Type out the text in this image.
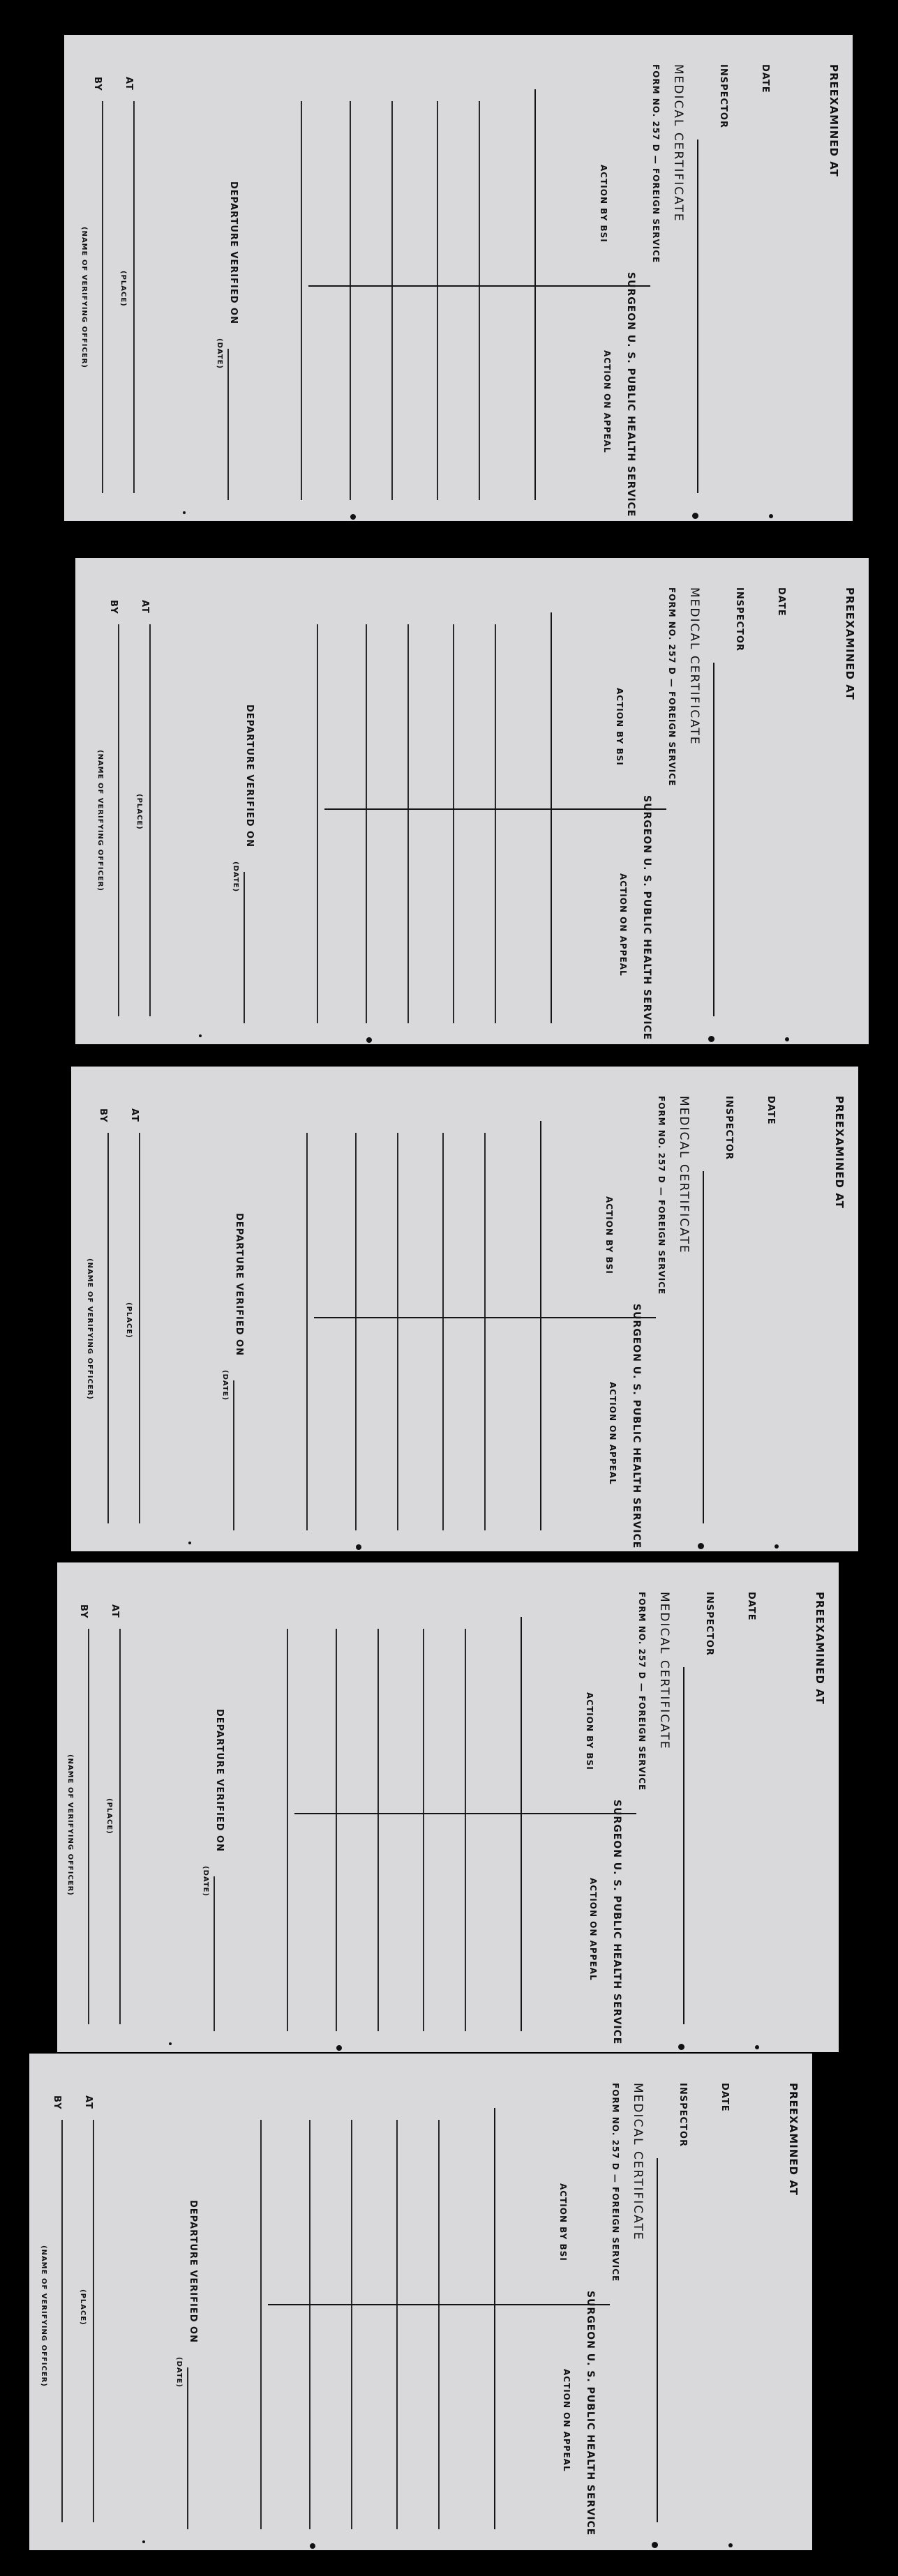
PREEXAMINED AT
DATE
INSPECTOR
MEDICAL CERTIFICATE
FORM NO. 257 D — FOREIGN SERVICE
ACTION BY BSI
SURGEON U. S. PUBLIC HEALTH SERVICE
ACTION ON APPEAL
DEPARTURE VERIFIED ON
(DATE)
AT
(PLACE)
BY
(NAME OF VERIFYING OFFICER)
PREEXAMINED AT
DATE
INSPECTOR
MEDICAL CERTIFICATE
FORM NO. 257 D — FOREIGN SERVICE
ACTION BY BSI
SURGEON U. S. PUBLIC HEALTH SERVICE
ACTION ON APPEAL
DEPARTURE VERIFIED ON
(DATE)
AT
(PLACE)
BY
(NAME OF VERIFYING OFFICER)
PREEXAMINED AT
DATE
INSPECTOR
MEDICAL CERTIFICATE
FORM NO. 257 D — FOREIGN SERVICE
ACTION BY BSI
SURGEON U. S. PUBLIC HEALTH SERVICE
ACTION ON APPEAL
DEPARTURE VERIFIED ON
(DATE)
AT
(PLACE)
BY
(NAME OF VERIFYING OFFICER)
PREEXAMINED AT
DATE
INSPECTOR
MEDICAL CERTIFICATE
FORM NO. 257 D — FOREIGN SERVICE
ACTION BY BSI
SURGEON U. S. PUBLIC HEALTH SERVICE
ACTION ON APPEAL
DEPARTURE VERIFIED ON
(DATE)
AT
(PLACE)
BY
(NAME OF VERIFYING OFFICER)
PREEXAMINED AT
DATE
INSPECTOR
MEDICAL CERTIFICATE
FORM NO. 257 D — FOREIGN SERVICE
ACTION BY BSI
SURGEON U. S. PUBLIC HEALTH SERVICE
ACTION ON APPEAL
DEPARTURE VERIFIED ON
(DATE)
AT
(PLACE)
BY
(NAME OF VERIFYING OFFICER)
